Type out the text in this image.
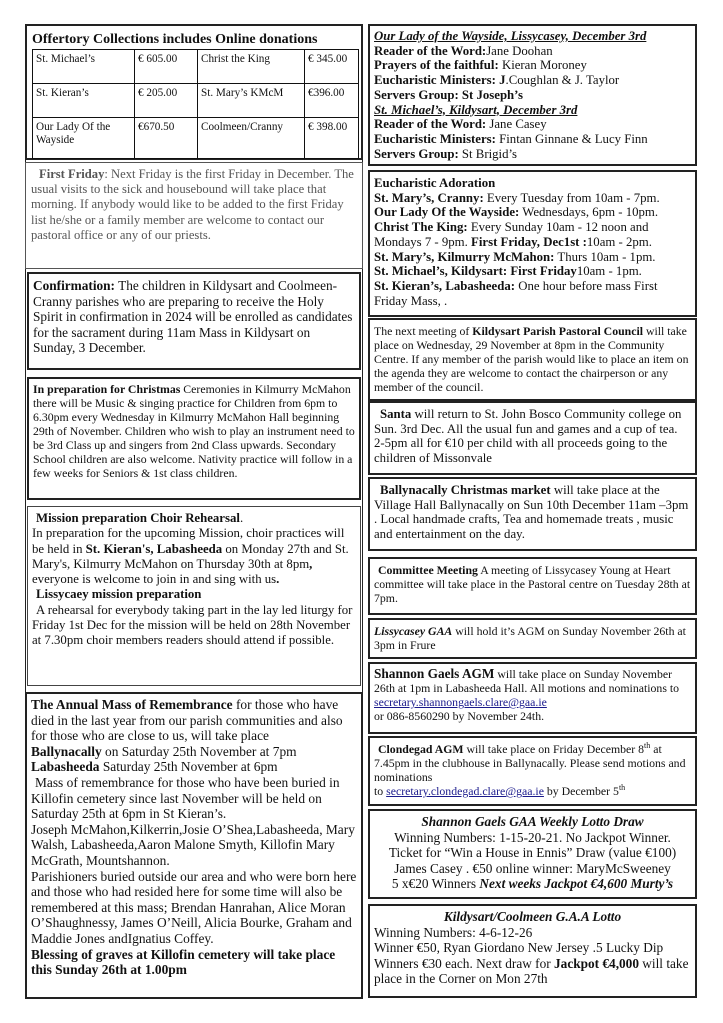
Offertory Collections includes Online donations
St. Michael’s	€ 605.00	Christ the King	€ 345.00
St. Kieran’s	€ 205.00	St. Mary’s KMcM	€396.00
Our Lady Of the Wayside	€670.50	Coolmeen/Cranny	€ 398.00
First Friday: Next Friday is the first Friday in December. The usual visits to the sick and housebound will take place that morning. If anybody would like to be added to the first Friday list he/she or a family member are welcome to contact our pastoral office or any of our priests.
Confirmation: The children in Kildysart and Coolmeen-Cranny parishes who are preparing to receive the Holy Spirit in confirmation in 2024 will be enrolled as candidates for the sacrament during 11am Mass in Kildysart on Sunday, 3 December.
In preparation for Christmas Ceremonies in Kilmurry McMahon there will be Music & singing practice for Children from 6pm to 6.30pm every Wednesday in Kilmurry McMahon Hall beginning 29th of November. Children who wish to play an instrument need to be 3rd Class up and singers from 2nd Class upwards. Secondary School children are also welcome. Nativity practice will follow in a few weeks for Seniors & 1st class children.
Mission preparation Choir Rehearsal.
In preparation for the upcoming Mission, choir practices will be held in St. Kieran's, Labasheeda on Monday 27th and St. Mary's, Kilmurry McMahon on Thursday 30th at 8pm, everyone is welcome to join in and sing with us.
Lissycaey mission preparation
A rehearsal for everybody taking part in the lay led liturgy for Friday 1st Dec for the mission will be held on 28th November at 7.30pm choir members readers should attend if possible.
The Annual Mass of Remembrance for those who have died in the last year from our parish communities and also for those who are close to us, will take place
Ballynacally on Saturday 25th November at 7pm
Labasheeda Saturday 25th November at 6pm
Mass of remembrance for those who have been buried in Killofin cemetery since last November will be held on Saturday 25th at 6pm in St Kieran’s.
Joseph McMahon,Kilkerrin,Josie O’Shea,Labasheeda, Mary Walsh, Labasheeda,Aaron Malone Smyth, Killofin Mary McGrath, Mountshannon.
Parishioners buried outside our area and who were born here and those who had resided here for some time will also be remembered at this mass; Brendan Hanrahan, Alice Moran O’Shaughnessy, James O’Neill, Alicia Bourke, Graham and Maddie Jones andIgnatius Coffey.
Blessing of graves at Killofin cemetery will take place this Sunday 26th at 1.00pm
Our Lady of the Wayside, Lissycasey, December 3rd
Reader of the Word:Jane Doohan
Prayers of the faithful: Kieran Moroney
Eucharistic Ministers: J.Coughlan & J. Taylor
Servers Group: St Joseph’s
St. Michael’s, Kildysart, December 3rd
Reader of the Word: Jane Casey
Eucharistic Ministers: Fintan Ginnane & Lucy Finn
Servers Group: St Brigid’s
Eucharistic Adoration
St. Mary’s, Cranny: Every Tuesday from 10am - 7pm.
Our Lady Of the Wayside: Wednesdays, 6pm - 10pm.
Christ The King: Every Sunday 10am - 12 noon and Mondays 7 - 9pm. First Friday, Dec1st :10am - 2pm.
St. Mary’s, Kilmurry McMahon: Thurs 10am - 1pm.
St. Michael’s, Kildysart: First Friday10am - 1pm.
St. Kieran’s, Labasheeda: One hour before mass First Friday Mass, .
The next meeting of Kildysart Parish Pastoral Council will take place on Wednesday, 29 November at 8pm in the Community Centre. If any member of the parish would like to place an item on the agenda they are welcome to contact the chairperson or any member of the council.
Santa will return to St. John Bosco Community college on Sun. 3rd Dec. All the usual fun and games and a cup of tea. 2-5pm all for €10 per child with all proceeds going to the children of Missonvale
Ballynacally Christmas market will take place at the Village Hall Ballynacally on Sun 10th December 11am –3pm . Local handmade crafts, Tea and homemade treats , music and entertainment on the day.
Committee Meeting A meeting of Lissycasey Young at Heart committee will take place in the Pastoral centre on Tuesday 28th at 7pm.
Lissycasey GAA will hold it’s AGM on Sunday November 26th at 3pm in Frure
Shannon Gaels AGM will take place on Sunday November 26th at 1pm in Labasheeda Hall. All motions and nominations to secretary.shannongaels.clare@gaa.ie
or 086-8560290 by November 24th.
Clondegad AGM will take place on Friday December 8th at 7.45pm in the clubhouse in Ballynacally. Please send motions and nominations
to secretary.clondegad.clare@gaa.ie by December 5th
Shannon Gaels GAA Weekly Lotto Draw
Winning Numbers: 1-15-20-21. No Jackpot Winner.
Ticket for “Win a House in Ennis” Draw (value €100)
James Casey . €50 online winner: MaryMcSweeney
5 x€20 Winners Next weeks Jackpot €4,600 Murty’s
Kildysart/Coolmeen G.A.A Lotto
Winning Numbers: 4-6-12-26
Winner €50, Ryan Giordano New Jersey .5 Lucky Dip Winners €30 each. Next draw for Jackpot €4,000 will take place in the Corner on Mon 27th
